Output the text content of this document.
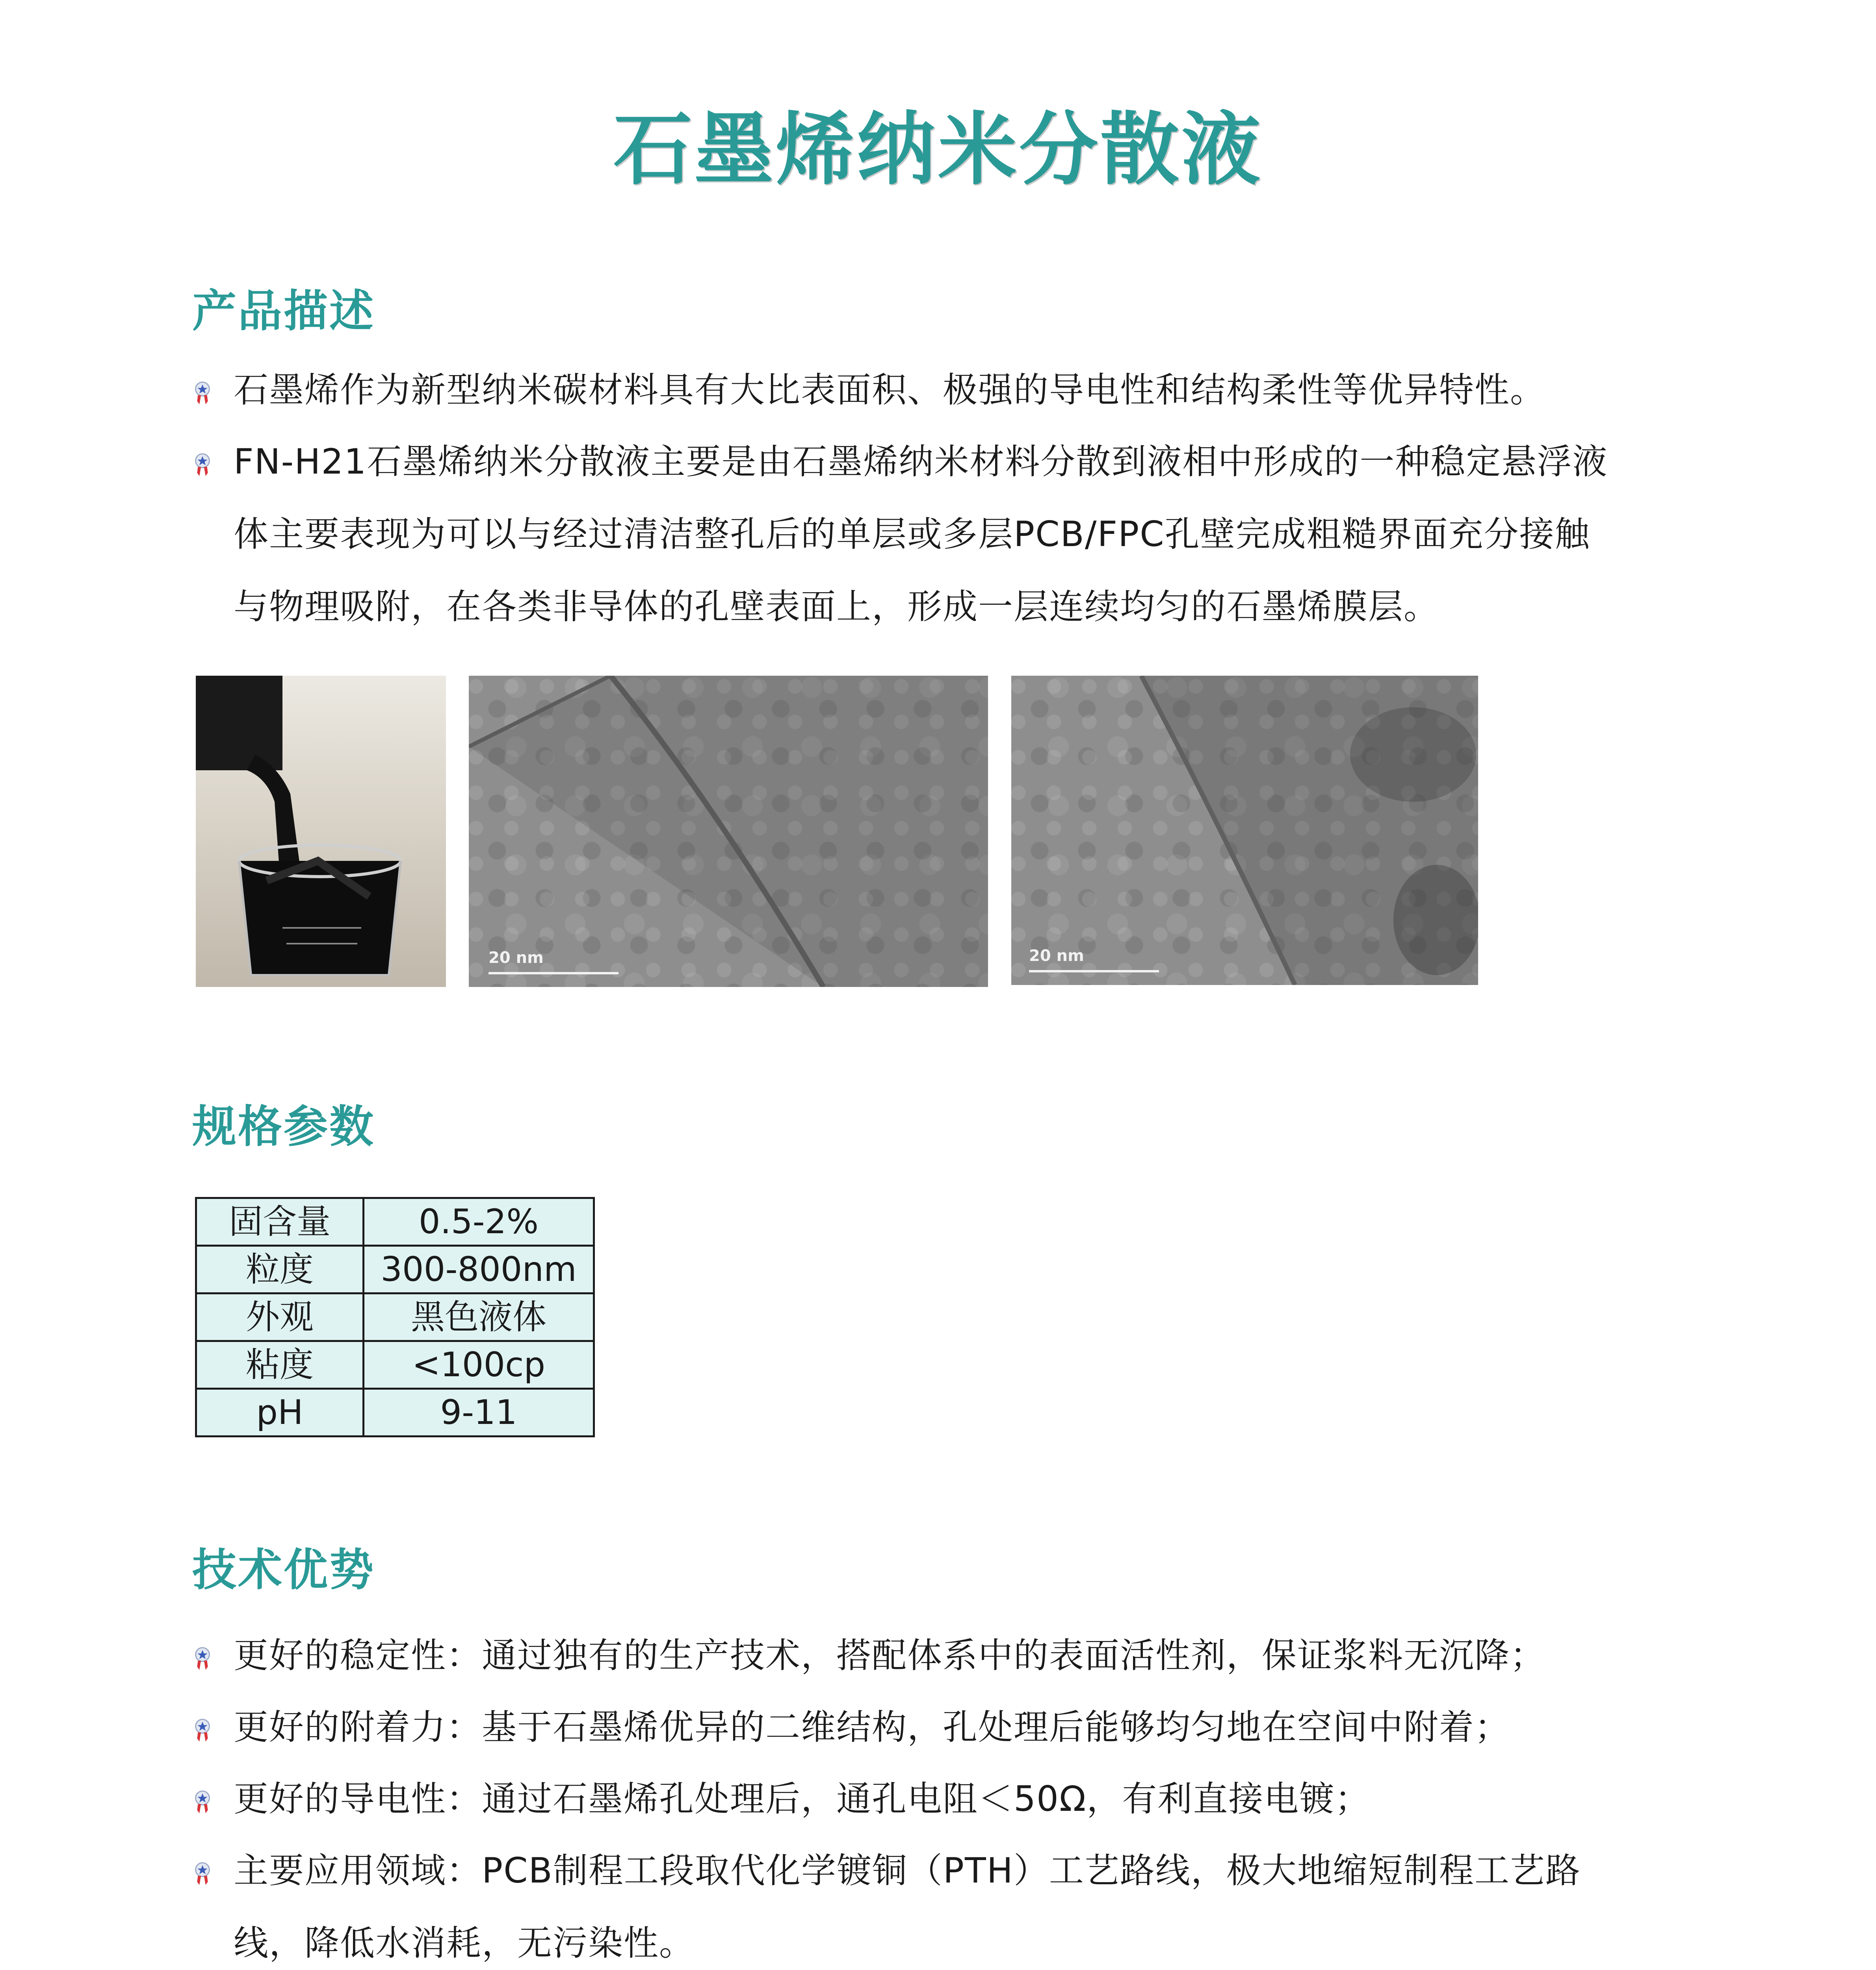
石墨烯纳米分散液
产品描述
石墨烯作为新型纳米碳材料具有大比表面积、极强的导电性和结构柔性等优异特性。
FN-H21石墨烯纳米分散液主要是由石墨烯纳米材料分散到液相中形成的一种稳定悬浮液
体主要表现为可以与经过清洁整孔后的单层或多层PCB/FPC孔壁完成粗糙界面充分接触
与物理吸附，在各类非导体的孔壁表面上，形成一层连续均匀的石墨烯膜层。
20 nm	20 nm
规格参数
固含量	0.5-2%
粒度	300-800nm
外观	黑色液体
粘度	<100cp
pH	9-11
技术优势
更好的稳定性：通过独有的生产技术，搭配体系中的表面活性剂，保证浆料无沉降；
更好的附着力：基于石墨烯优异的二维结构，孔处理后能够均匀地在空间中附着；
更好的导电性：通过石墨烯孔处理后，通孔电阻＜50Ω，有利直接电镀；
主要应用领域：PCB制程工段取代化学镀铜（PTH）工艺路线，极大地缩短制程工艺路
线，降低水消耗，无污染性。
